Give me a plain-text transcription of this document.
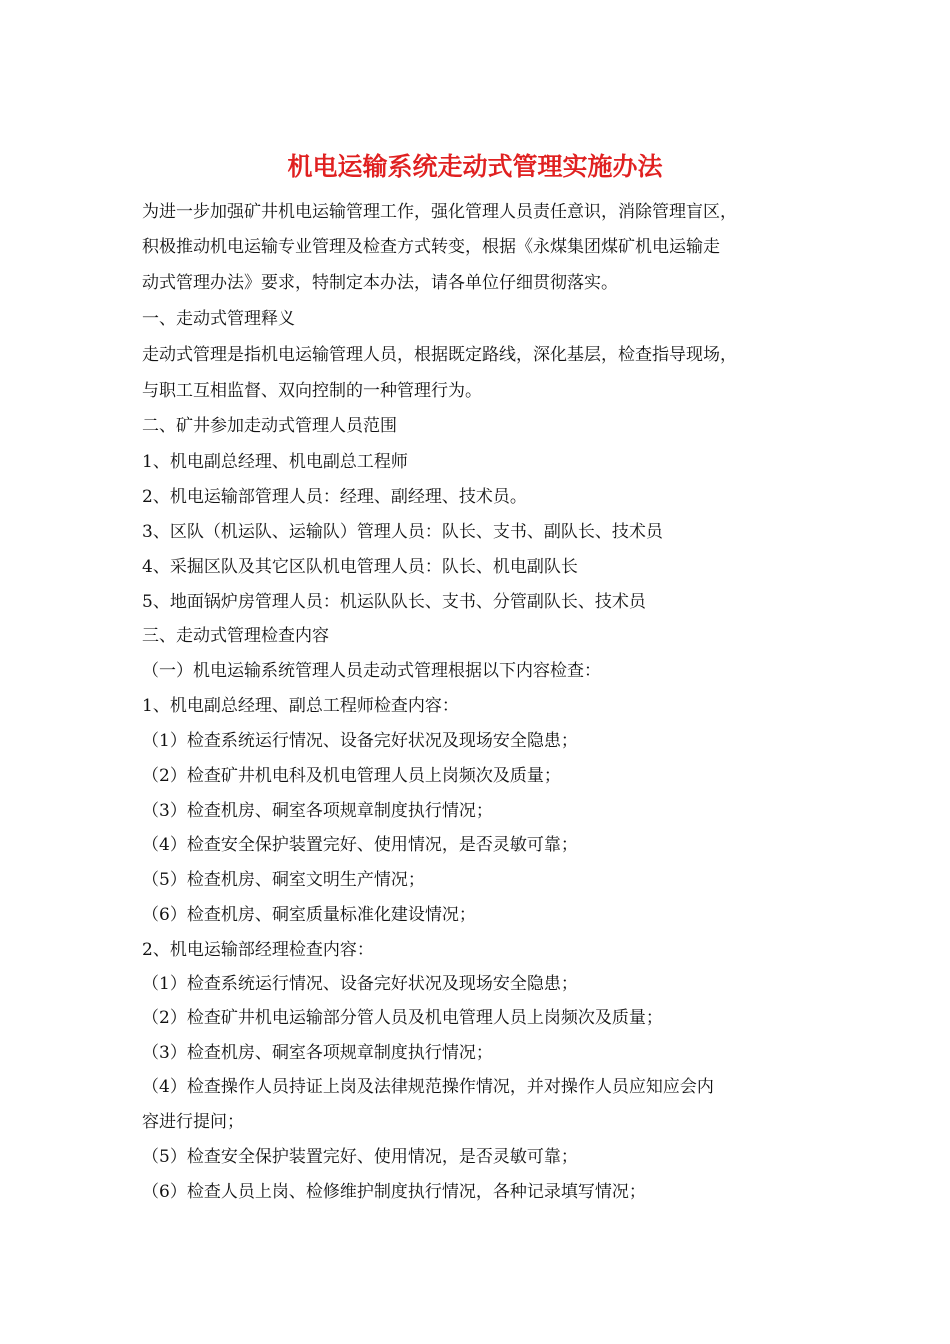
机电运输系统走动式管理实施办法

为进一步加强矿井机电运输管理工作，强化管理人员责任意识，消除管理盲区，

积极推动机电运输专业管理及检查方式转变，根据《永煤集团煤矿机电运输走

动式管理办法》要求，特制定本办法，请各单位仔细贯彻落实。

一、走动式管理释义

走动式管理是指机电运输管理人员，根据既定路线，深化基层，检查指导现场，

与职工互相监督、双向控制的一种管理行为。

二、矿井参加走动式管理人员范围

1、机电副总经理、机电副总工程师

2、机电运输部管理人员：经理、副经理、技术员。

3、区队（机运队、运输队）管理人员：队长、支书、副队长、技术员

4、采掘区队及其它区队机电管理人员：队长、机电副队长

5、地面锅炉房管理人员：机运队队长、支书、分管副队长、技术员

三、走动式管理检查内容

（一）机电运输系统管理人员走动式管理根据以下内容检查：

1、机电副总经理、副总工程师检查内容：

（1）检查系统运行情况、设备完好状况及现场安全隐患；

（2）检查矿井机电科及机电管理人员上岗频次及质量；

（3）检查机房、硐室各项规章制度执行情况；

（4）检查安全保护装置完好、使用情况，是否灵敏可靠；

（5）检查机房、硐室文明生产情况；

（6）检查机房、硐室质量标准化建设情况；

2、机电运输部经理检查内容：

（1）检查系统运行情况、设备完好状况及现场安全隐患；

（2）检查矿井机电运输部分管人员及机电管理人员上岗频次及质量；

（3）检查机房、硐室各项规章制度执行情况；

（4）检查操作人员持证上岗及法律规范操作情况，并对操作人员应知应会内

容进行提问；

（5）检查安全保护装置完好、使用情况，是否灵敏可靠；

（6）检查人员上岗、检修维护制度执行情况，各种记录填写情况；
